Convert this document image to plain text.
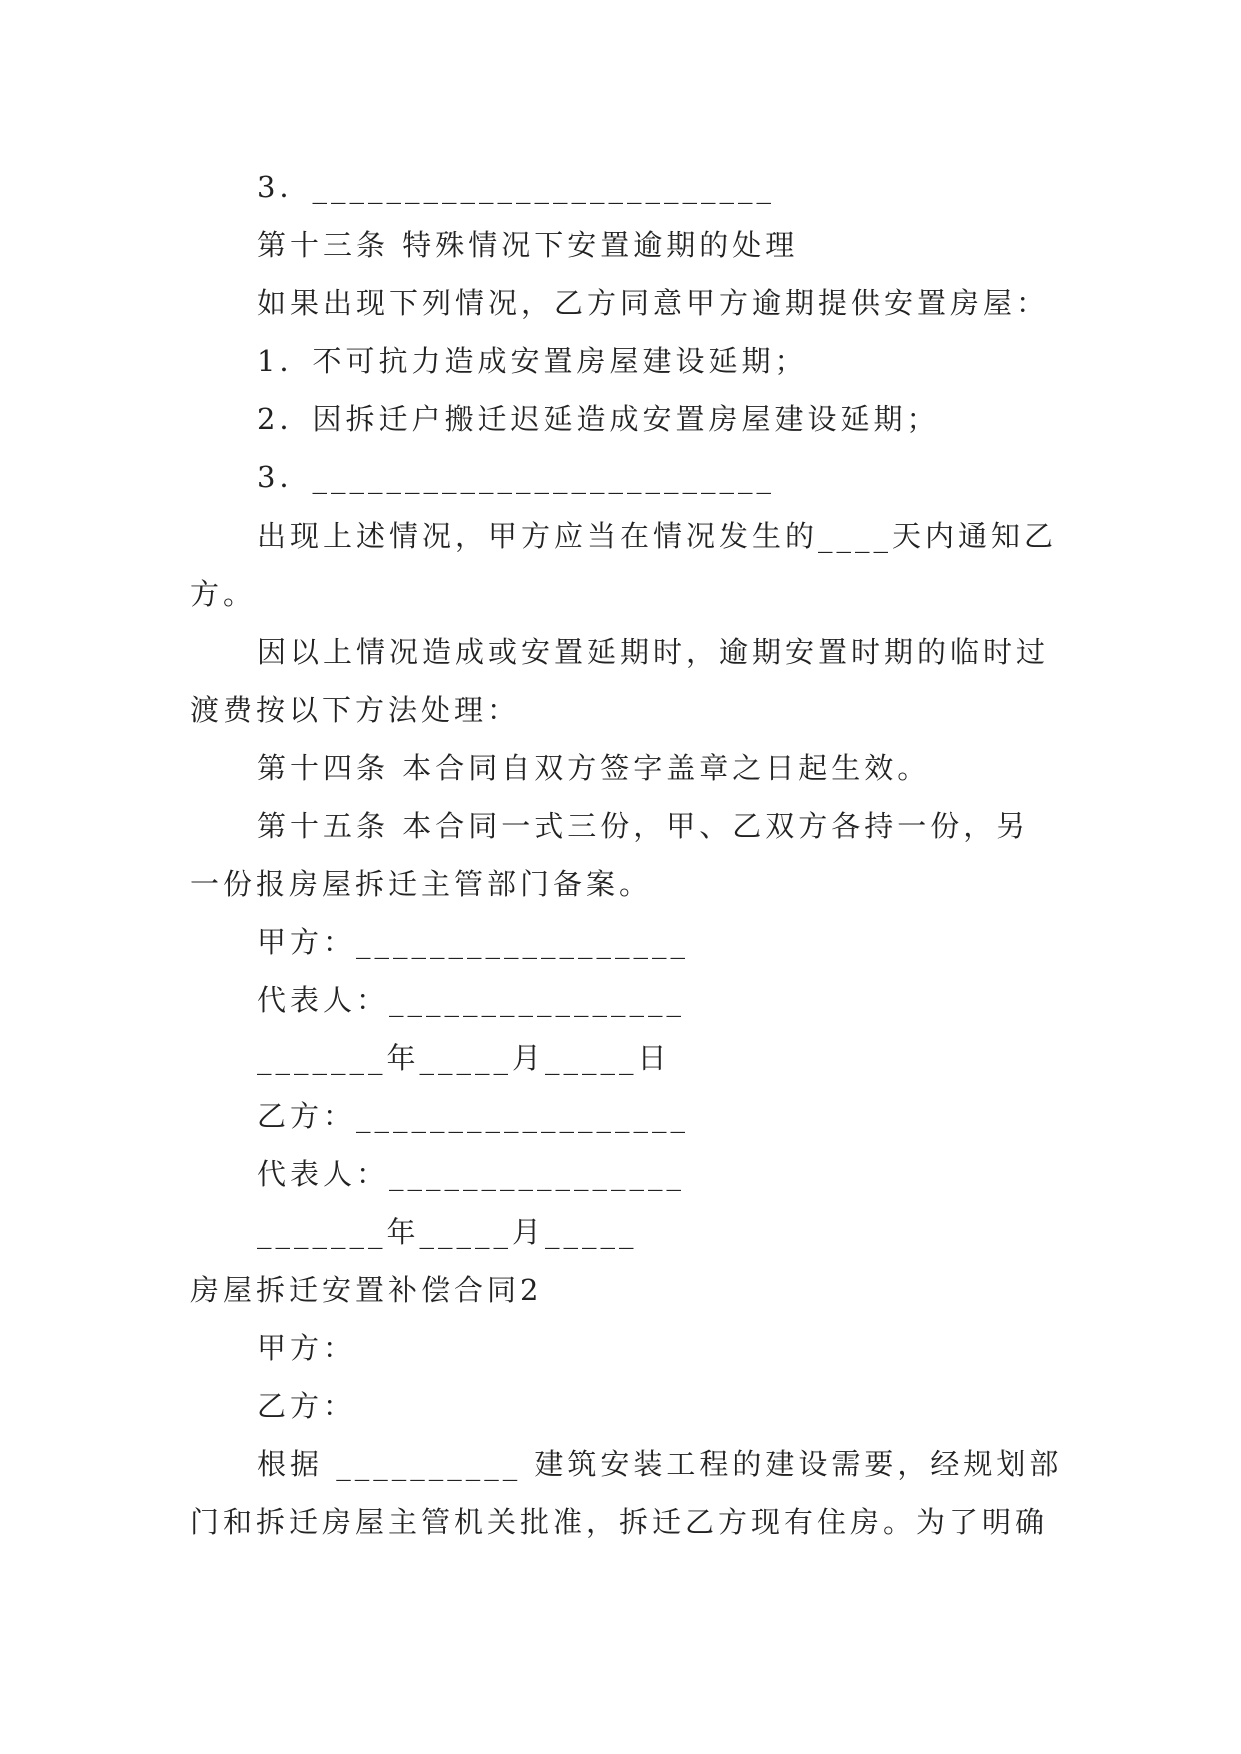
3．_________________________
第十三条 特殊情况下安置逾期的处理
如果出现下列情况，乙方同意甲方逾期提供安置房屋：
1．不可抗力造成安置房屋建设延期；
2．因拆迁户搬迁迟延造成安置房屋建设延期；
3．_________________________
出现上述情况，甲方应当在情况发生的____天内通知乙
方。
因以上情况造成或安置延期时，逾期安置时期的临时过
渡费按以下方法处理：
第十四条 本合同自双方签字盖章之日起生效。
第十五条 本合同一式三份，甲、乙双方各持一份，另
一份报房屋拆迁主管部门备案。
甲方：__________________
代表人：________________
_______年_____月_____日
乙方：__________________
代表人：________________
_______年_____月_____
房屋拆迁安置补偿合同2
甲方：
乙方：
根据 __________ 建筑安装工程的建设需要，经规划部
门和拆迁房屋主管机关批准，拆迁乙方现有住房。为了明确
